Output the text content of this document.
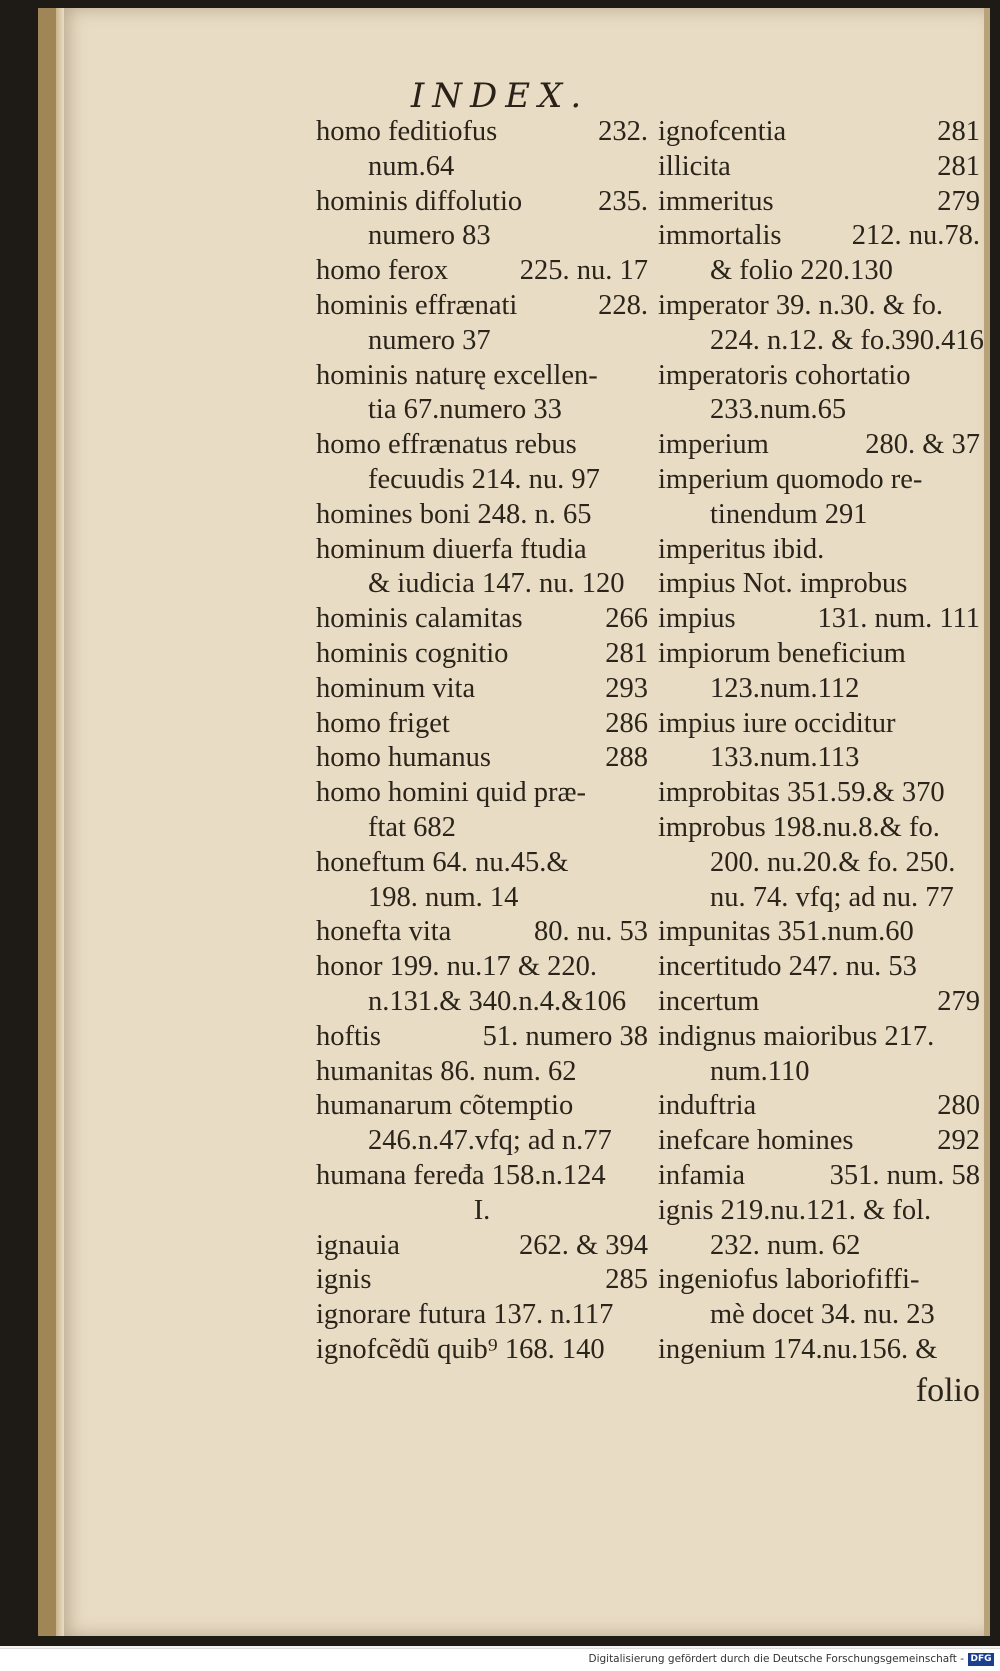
INDEX.
homo feditiofus	232.
num.64
hominis diffolutio	235.
numero 83
homo ferox	225. nu. 17
hominis effrænati	228.
numero 37
hominis naturę excellen-
tia 67.numero 33
homo effrænatus rebus
fecuudis 214. nu. 97
homines boni 248. n. 65
hominum diuerfa ftudia
& iudicia 147. nu. 120
hominis calamitas	266
hominis cognitio	281
hominum vita	293
homo friget	286
homo humanus	288
homo homini quid præ-
ftat 682
honeftum 64. nu.45.&
198. num. 14
honefta vita	80. nu. 53
honor 199. nu.17 & 220.
n.131.& 340.n.4.&106
hoftis	51. numero 38
humanitas 86. num. 62
humanarum cõtemptio
246.n.47.vfq; ad n.77
humana feređa 158.n.124
I.
ignauia	262. & 394
ignis	285
ignorare futura 137. n.117
ignofcẽdũ quib⁹ 168. 140
ignofcentia	281
illicita	281
immeritus	279
immortalis 212. nu.78.
& folio 220.130
imperator 39. n.30. & fo.
224. n.12. & fo.390.416
imperatoris cohortatio
233.num.65
imperium	280. & 37
imperium quomodo re-
tinendum 291
imperitus ibid.
impius Not. improbus
impius	131. num. 111
impiorum beneficium
123.num.112
impius iure occiditur
133.num.113
improbitas 351.59.& 370
improbus 198.nu.8.& fo.
200. nu.20.& fo. 250.
nu. 74. vfq; ad nu. 77
impunitas 351.num.60
incertitudo 247. nu. 53
incertum	279
indignus maioribus 217.
num.110
induftria	280
inefcare homines	292
infamia	351. num. 58
ignis 219.nu.121. & fol.
232. num. 62
ingeniofus laboriofiffi-
mè docet 34. nu. 23
ingenium 174.nu.156. &
folio
Digitalisierung gefördert durch die Deutsche Forschungsgemeinschaft - DFG
